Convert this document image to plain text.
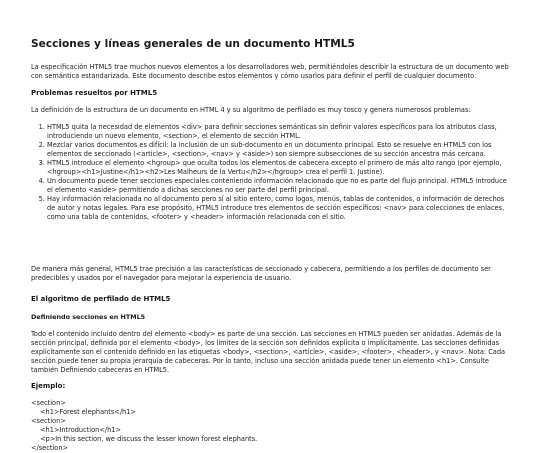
Secciones y líneas generales de un documento HTML5

La especificación HTML5 trae muchos nuevos elementos a los desarrolladores web, permitiéndoles describir la estructura de un documento web con semántica estandarizada. Este documento describe estos elementos y cómo usarlos para definir el perfil de cualquier documento.

Problemas resueltos por HTML5

La definición de la estructura de un documento en HTML 4 y su algoritmo de perfilado es muy tosco y genera numerosos problemas:

1. HTML5 quita la necesidad de elementos <div> para definir secciones semánticas sin definir valores específicos para los atributos class, introduciendo un nuevo elemento, <section>, el elemento de sección HTML.
2. Mezclar varios documentos es difícil: la inclusión de un sub-documento en un documento principal. Esto se resuelve en HTML5 con los elementos de seccionado (<article>, <section>, <nav> y <aside>) son siempre subsecciones de su sección ancestra más cercana.
3. HTML5 introduce el elemento <hgroup> que oculta todos los elementos de cabecera excepto el primero de más alto rango (por ejemplo, <hgroup><h1>Justine</h1><h2>Les Malheurs de la Vertu</h2></hgroup> crea el perfil 1. Justine).
4. Un documento puede tener secciones especiales conteniendo información relacionado que no es parte del flujo principal. HTML5 introduce el elemento <aside> permitiendo a dichas secciones no ser parte del perfil principal.
5. Hay información relacionada no al documento pero sí al sitio entero, como logos, menús, tablas de contenidos, o información de derechos de autor y notas legales. Para ese propósito, HTML5 introduce tres elementos de sección específicos: <nav> para colecciones de enlaces, como una tabla de contenidos, <footer> y <header> información relacionada con el sitio.

De manera más general, HTML5 trae precisión a las características de seccionado y cabecera, permitiendo a los perfiles de documento ser predecibles y usados por el navegador para mejorar la experiencia de usuario.

El algoritmo de perfilado de HTML5
Definiendo secciones en HTML5

Todo el contenido incluido dentro del elemento <body> es parte de una sección. Las secciones en HTML5 pueden ser anidadas. Además de la sección principal, definida por el elemento <body>, los límites de la sección son definidos explícita o implícitamente. Las secciones definidas explícitamente son el contenido definido en las etiquetas <body>, <section>, <article>, <aside>, <footer>, <header>, y <nav>. Nota: Cada sección puede tener su propia jerarquía de cabeceras. Por lo tanto, incluso una sección anidada puede tener un elemento <h1>. Consulte también Definiendo cabeceras en HTML5.

Ejemplo:
<section>
<h1>Forest elephants</h1>
<section>
<h1>Introduction</h1>
<p>In this section, we discuss the lesser known forest elephants.
</section>
